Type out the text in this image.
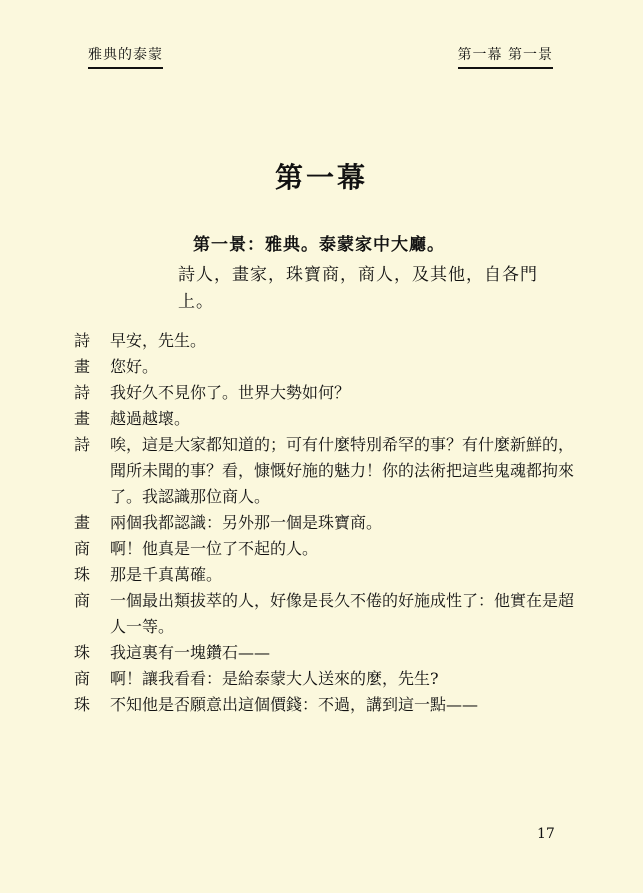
雅典的泰蒙	第一幕 第一景
第一幕
第一景：雅典。泰蒙家中大廳。
詩人，畫家，珠寶商，商人，及其他，自各門上。
詩	早安，先生。
畫	您好。
詩	我好久不見你了。世界大勢如何？
畫	越過越壞。
詩	唉，這是大家都知道的；可有什麼特別希罕的事？有什麼新鮮的，聞所未聞的事？看，慷慨好施的魅力！你的法術把這些鬼魂都拘來了。我認識那位商人。
畫	兩個我都認識：另外那一個是珠寶商。
商	啊！他真是一位了不起的人。
珠	那是千真萬確。
商	一個最出類拔萃的人，好像是長久不倦的好施成性了：他實在是超人一等。
珠	我這裏有一塊鑽石——
商	啊！讓我看看：是給泰蒙大人送來的麼，先生?
珠	不知他是否願意出這個價錢：不過，講到這一點——
17
